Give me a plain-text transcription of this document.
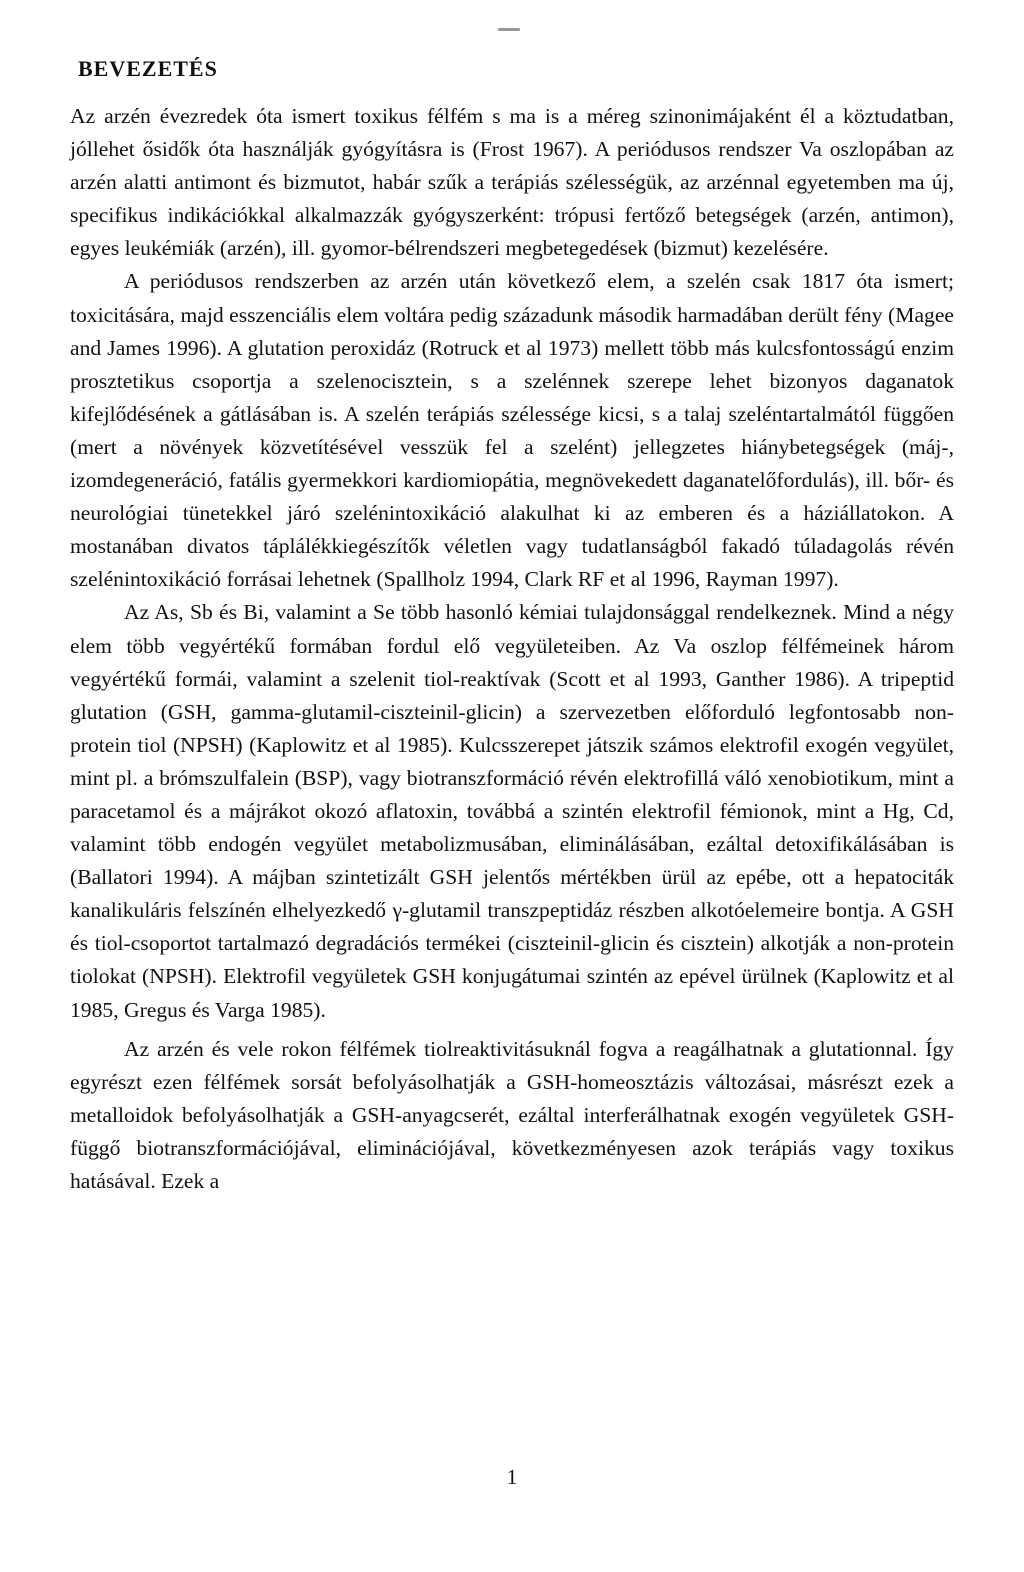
BEVEZETÉS

Az arzén évezredek óta ismert toxikus félfém s ma is a méreg szinonimájaként él a köztudatban, jóllehet ősidők óta használják gyógyításra is (Frost 1967). A periódusos rendszer Va oszlopában az arzén alatti antimont és bizmutot, habár szűk a terápiás szélességük, az arzénnal egyetemben ma új, specifikus indikációkkal alkalmazzák gyógyszerként: trópusi fertőző betegségek (arzén, antimon), egyes leukémiák (arzén), ill. gyomor-bélrendszeri megbetegedések (bizmut) kezelésére.

A periódusos rendszerben az arzén után következő elem, a szelén csak 1817 óta ismert; toxicitására, majd esszenciális elem voltára pedig századunk második harmadában derült fény (Magee and James 1996). A glutation peroxidáz (Rotruck et al 1973) mellett több más kulcsfontosságú enzim prosztetikus csoportja a szelenocisztein, s a szelénnek szerepe lehet bizonyos daganatok kifejlődésének a gátlásában is. A szelén terápiás szélessége kicsi, s a talaj szeléntartalmától függően (mert a növények közvetítésével vesszük fel a szelént) jellegzetes hiánybetegségek (máj-, izomdegeneráció, fatális gyermekkori kardiomiopátia, megnövekedett daganatelőfordulás), ill. bőr- és neurológiai tünetekkel járó szelénintoxikáció alakulhat ki az emberen és a háziállatokon. A mostanában divatos táplálékkiegészítők véletlen vagy tudatlanságból fakadó túladagolás révén szelénintoxikáció forrásai lehetnek (Spallholz 1994, Clark RF et al 1996, Rayman 1997).

Az As, Sb és Bi, valamint a Se több hasonló kémiai tulajdonsággal rendelkeznek. Mind a négy elem több vegyértékű formában fordul elő vegyületeiben. Az Va oszlop félfémeinek három vegyértékű formái, valamint a szelenit tiol-reaktívak (Scott et al 1993, Ganther 1986). A tripeptid glutation (GSH, gamma-glutamil-ciszteinil-glicin) a szervezetben előforduló legfontosabb non-protein tiol (NPSH) (Kaplowitz et al 1985). Kulcsszerepet játszik számos elektrofil exogén vegyület, mint pl. a brómszulfalein (BSP), vagy biotranszformáció révén elektrofillá váló xenobiotikum, mint a paracetamol és a májrákot okozó aflatoxin, továbbá a szintén elektrofil fémionok, mint a Hg, Cd, valamint több endogén vegyület metabolizmusában, eliminálásában, ezáltal detoxifikálásában is (Ballatori 1994). A májban szintetizált GSH jelentős mértékben ürül az epébe, ott a hepatociták kanalikuláris felszínén elhelyezkedő γ-glutamil transzpeptidáz részben alkotóelemeire bontja. A GSH és tiol-csoportot tartalmazó degradációs termékei (ciszteinil-glicin és cisztein) alkotják a non-protein tiolokat (NPSH). Elektrofil vegyületek GSH konjugátumai szintén az epével ürülnek (Kaplowitz et al 1985, Gregus és Varga 1985).

Az arzén és vele rokon félfémek tiolreaktivitásuknál fogva a reagálhatnak a glutationnal. Így egyrészt ezen félfémek sorsát befolyásolhatják a GSH-homeosztázis változásai, másrészt ezek a metalloidok befolyásolhatják a GSH-anyagcserét, ezáltal interferálhatnak exogén vegyületek GSH-függő biotranszformációjával, eliminációjával, következményesen azok terápiás vagy toxikus hatásával. Ezek a

1
